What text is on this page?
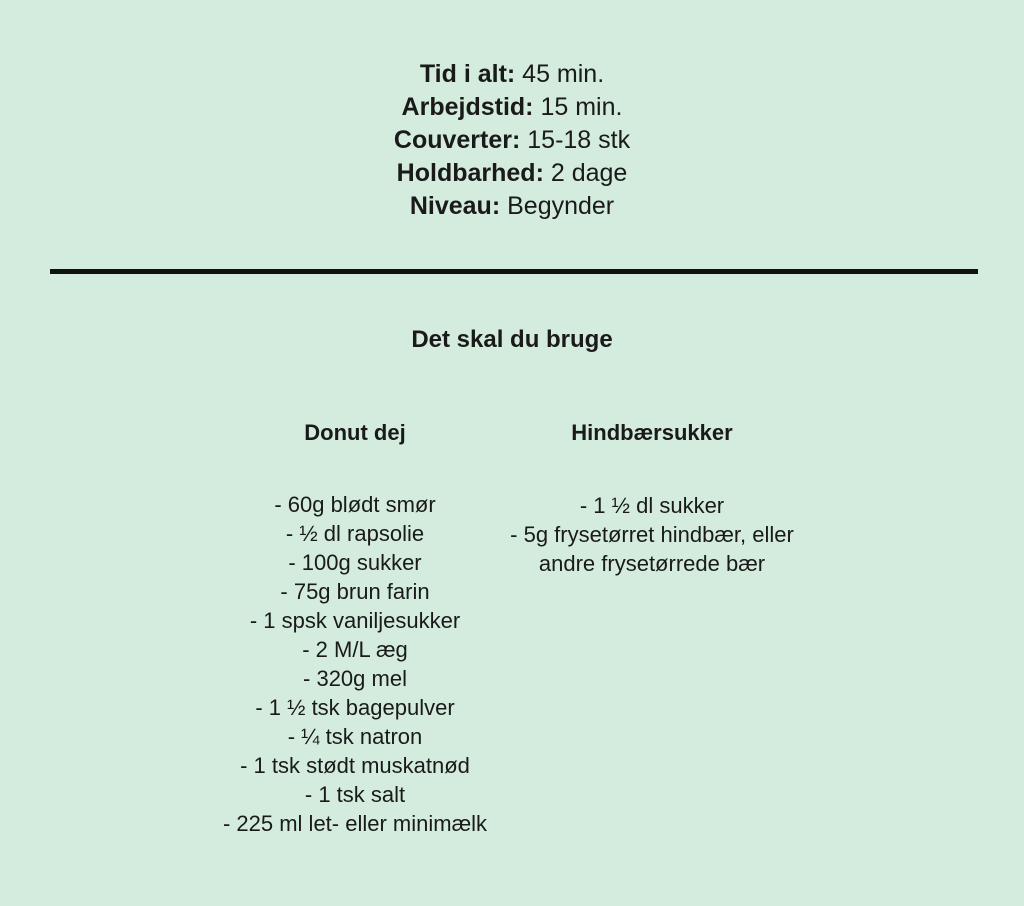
Tid i alt: 45 min.
Arbejdstid: 15 min.
Couverter: 15-18 stk
Holdbarhed: 2 dage
Niveau: Begynder
Det skal du bruge
Donut dej
- 60g blødt smør
- ½ dl rapsolie
- 100g sukker
- 75g brun farin
- 1 spsk vaniljesukker
- 2 M/L æg
- 320g mel
- 1 ½ tsk bagepulver
- ¼ tsk natron
- 1 tsk stødt muskatnød
- 1 tsk salt
- 225 ml let- eller minimælk
Hindbærsukker
- 1 ½ dl sukker
- 5g frysetørret hindbær, eller andre frysetørrede bær
